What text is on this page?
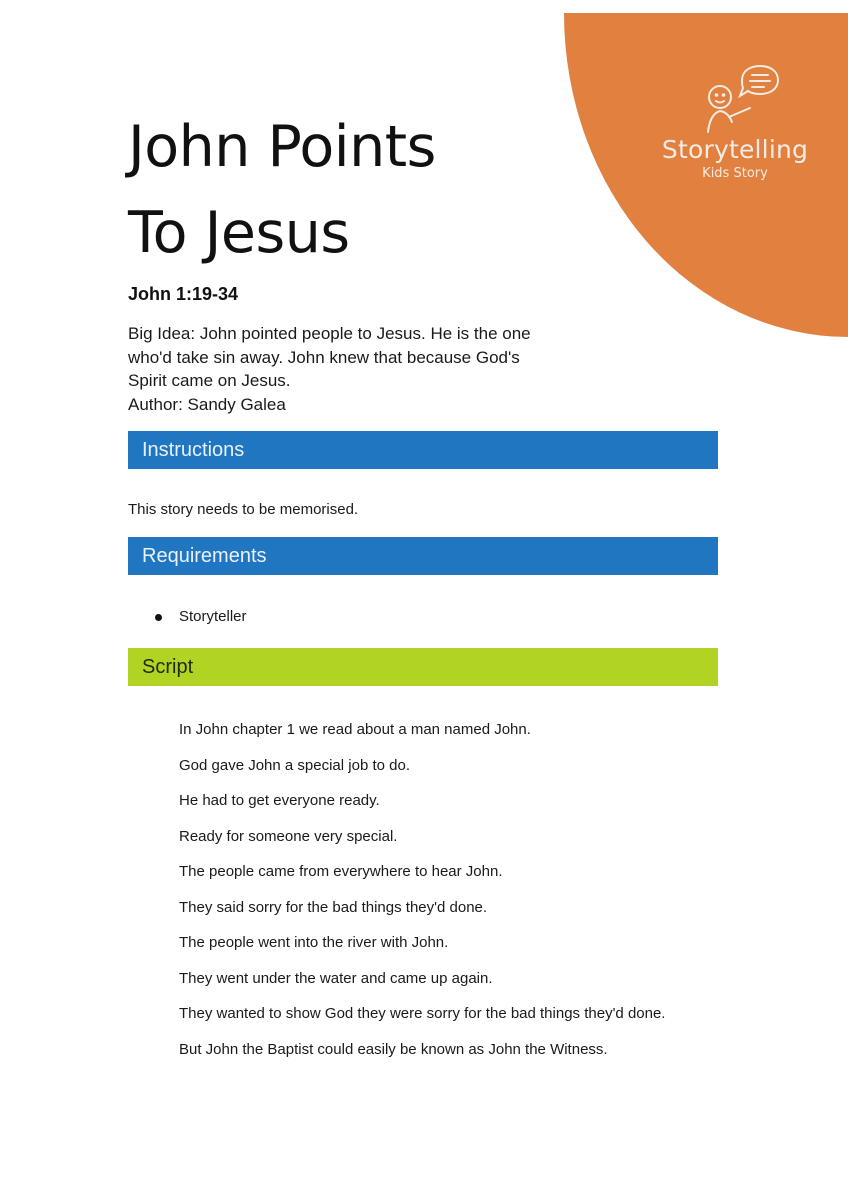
Storytelling
Kids Story
John Points
To Jesus

John 1:19-34

Big Idea: John pointed people to Jesus. He is the one
who'd take sin away. John knew that because God's
Spirit came on Jesus.
Author: Sandy Galea

Instructions

This story needs to be memorised.

Requirements
Storyteller
Script
In John chapter 1 we read about a man named John.
God gave John a special job to do.
He had to get everyone ready.
Ready for someone very special.
The people came from everywhere to hear John.
They said sorry for the bad things they'd done.
The people went into the river with John.
They went under the water and came up again.
They wanted to show God they were sorry for the bad things they'd done.
But John the Baptist could easily be known as John the Witness.
